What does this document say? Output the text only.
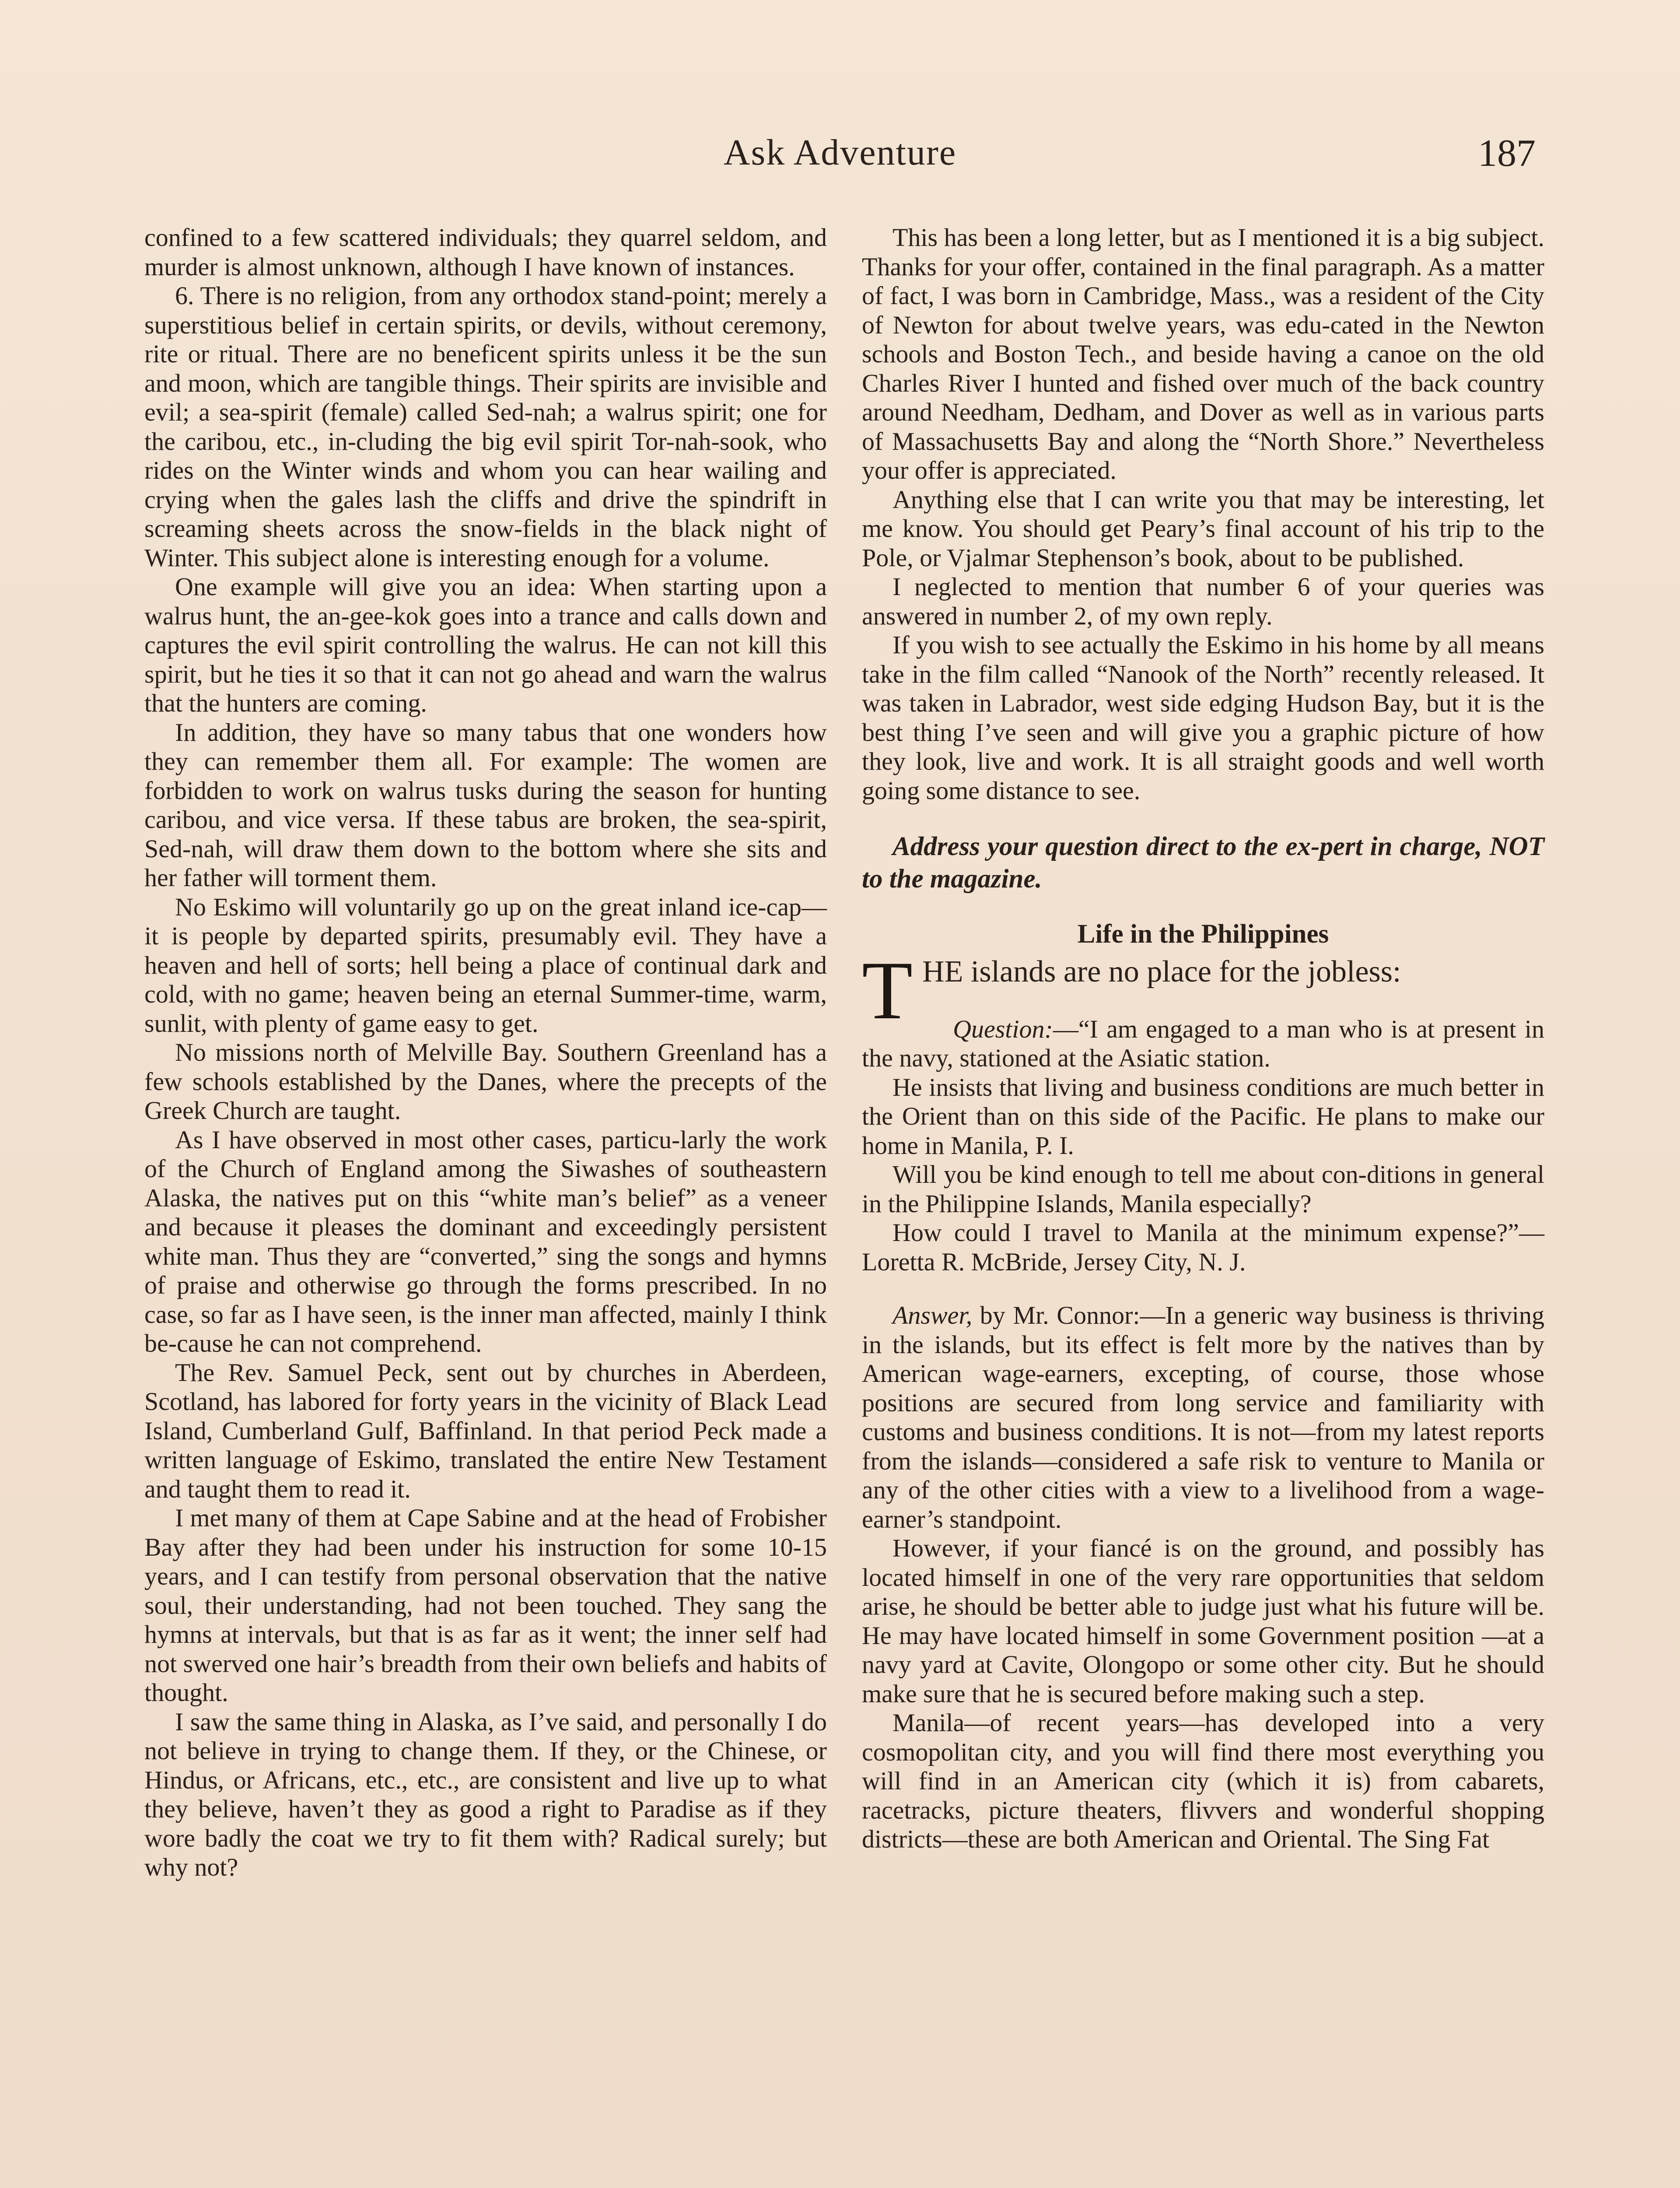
Ask Adventure	187

confined to a few scattered individuals; they quarrel seldom, and murder is almost unknown, although I have known of instances.

6. There is no religion, from any orthodox stand-point; merely a superstitious belief in certain spirits, or devils, without ceremony, rite or ritual. There are no beneficent spirits unless it be the sun and moon, which are tangible things. Their spirits are invisible and evil; a sea-spirit (female) called Sed-nah; a walrus spirit; one for the caribou, etc., in-cluding the big evil spirit Tor-nah-sook, who rides on the Winter winds and whom you can hear wailing and crying when the gales lash the cliffs and drive the spindrift in screaming sheets across the snow-fields in the black night of Winter. This subject alone is interesting enough for a volume.

One example will give you an idea: When starting upon a walrus hunt, the an-gee-kok goes into a trance and calls down and captures the evil spirit controlling the walrus. He can not kill this spirit, but he ties it so that it can not go ahead and warn the walrus that the hunters are coming.

In addition, they have so many tabus that one wonders how they can remember them all. For example: The women are forbidden to work on walrus tusks during the season for hunting caribou, and vice versa. If these tabus are broken, the sea-spirit, Sed-nah, will draw them down to the bottom where she sits and her father will torment them.

No Eskimo will voluntarily go up on the great inland ice-cap—it is people by departed spirits, presumably evil. They have a heaven and hell of sorts; hell being a place of continual dark and cold, with no game; heaven being an eternal Summer-time, warm, sunlit, with plenty of game easy to get.

No missions north of Melville Bay. Southern Greenland has a few schools established by the Danes, where the precepts of the Greek Church are taught.

As I have observed in most other cases, particu-larly the work of the Church of England among the Siwashes of southeastern Alaska, the natives put on this “white man’s belief” as a veneer and because it pleases the dominant and exceedingly persistent white man. Thus they are “converted,” sing the songs and hymns of praise and otherwise go through the forms prescribed. In no case, so far as I have seen, is the inner man affected, mainly I think be-cause he can not comprehend.

The Rev. Samuel Peck, sent out by churches in Aberdeen, Scotland, has labored for forty years in the vicinity of Black Lead Island, Cumberland Gulf, Baffinland. In that period Peck made a written language of Eskimo, translated the entire New Testament and taught them to read it.

I met many of them at Cape Sabine and at the head of Frobisher Bay after they had been under his instruction for some 10-15 years, and I can testify from personal observation that the native soul, their understanding, had not been touched. They sang the hymns at intervals, but that is as far as it went; the inner self had not swerved one hair’s breadth from their own beliefs and habits of thought.

I saw the same thing in Alaska, as I’ve said, and personally I do not believe in trying to change them. If they, or the Chinese, or Hindus, or Africans, etc., etc., are consistent and live up to what they believe, haven’t they as good a right to Paradise as if they wore badly the coat we try to fit them with? Radical surely; but why not?

This has been a long letter, but as I mentioned it is a big subject. Thanks for your offer, contained in the final paragraph. As a matter of fact, I was born in Cambridge, Mass., was a resident of the City of Newton for about twelve years, was edu-cated in the Newton schools and Boston Tech., and beside having a canoe on the old Charles River I hunted and fished over much of the back country around Needham, Dedham, and Dover as well as in various parts of Massachusetts Bay and along the “North Shore.” Nevertheless your offer is appreciated.

Anything else that I can write you that may be interesting, let me know. You should get Peary’s final account of his trip to the Pole, or Vjalmar Stephenson’s book, about to be published.

I neglected to mention that number 6 of your queries was answered in number 2, of my own reply.

If you wish to see actually the Eskimo in his home by all means take in the film called “Nanook of the North” recently released. It was taken in Labrador, west side edging Hudson Bay, but it is the best thing I’ve seen and will give you a graphic picture of how they look, live and work. It is all straight goods and well worth going some distance to see.

Address your question direct to the ex-pert in charge, NOT to the magazine.

Life in the Philippines

THE islands are no place for the jobless:

Question:—“I am engaged to a man who is at present in the navy, stationed at the Asiatic station.

He insists that living and business conditions are much better in the Orient than on this side of the Pacific. He plans to make our home in Manila, P. I.

Will you be kind enough to tell me about con-ditions in general in the Philippine Islands, Manila especially?

How could I travel to Manila at the minimum expense?”—Loretta R. McBride, Jersey City, N. J.

Answer, by Mr. Connor:—In a generic way business is thriving in the islands, but its effect is felt more by the natives than by American wage-earners, excepting, of course, those whose positions are secured from long service and familiarity with customs and business conditions. It is not—from my latest reports from the islands—considered a safe risk to venture to Manila or any of the other cities with a view to a livelihood from a wage-earner’s standpoint.

However, if your fiancé is on the ground, and possibly has located himself in one of the very rare opportunities that seldom arise, he should be better able to judge just what his future will be. He may have located himself in some Government position —at a navy yard at Cavite, Olongopo or some other city. But he should make sure that he is secured before making such a step.

Manila—of recent years—has developed into a very cosmopolitan city, and you will find there most everything you will find in an American city (which it is) from cabarets, racetracks, picture theaters, flivvers and wonderful shopping districts—these are both American and Oriental. The Sing Fat
